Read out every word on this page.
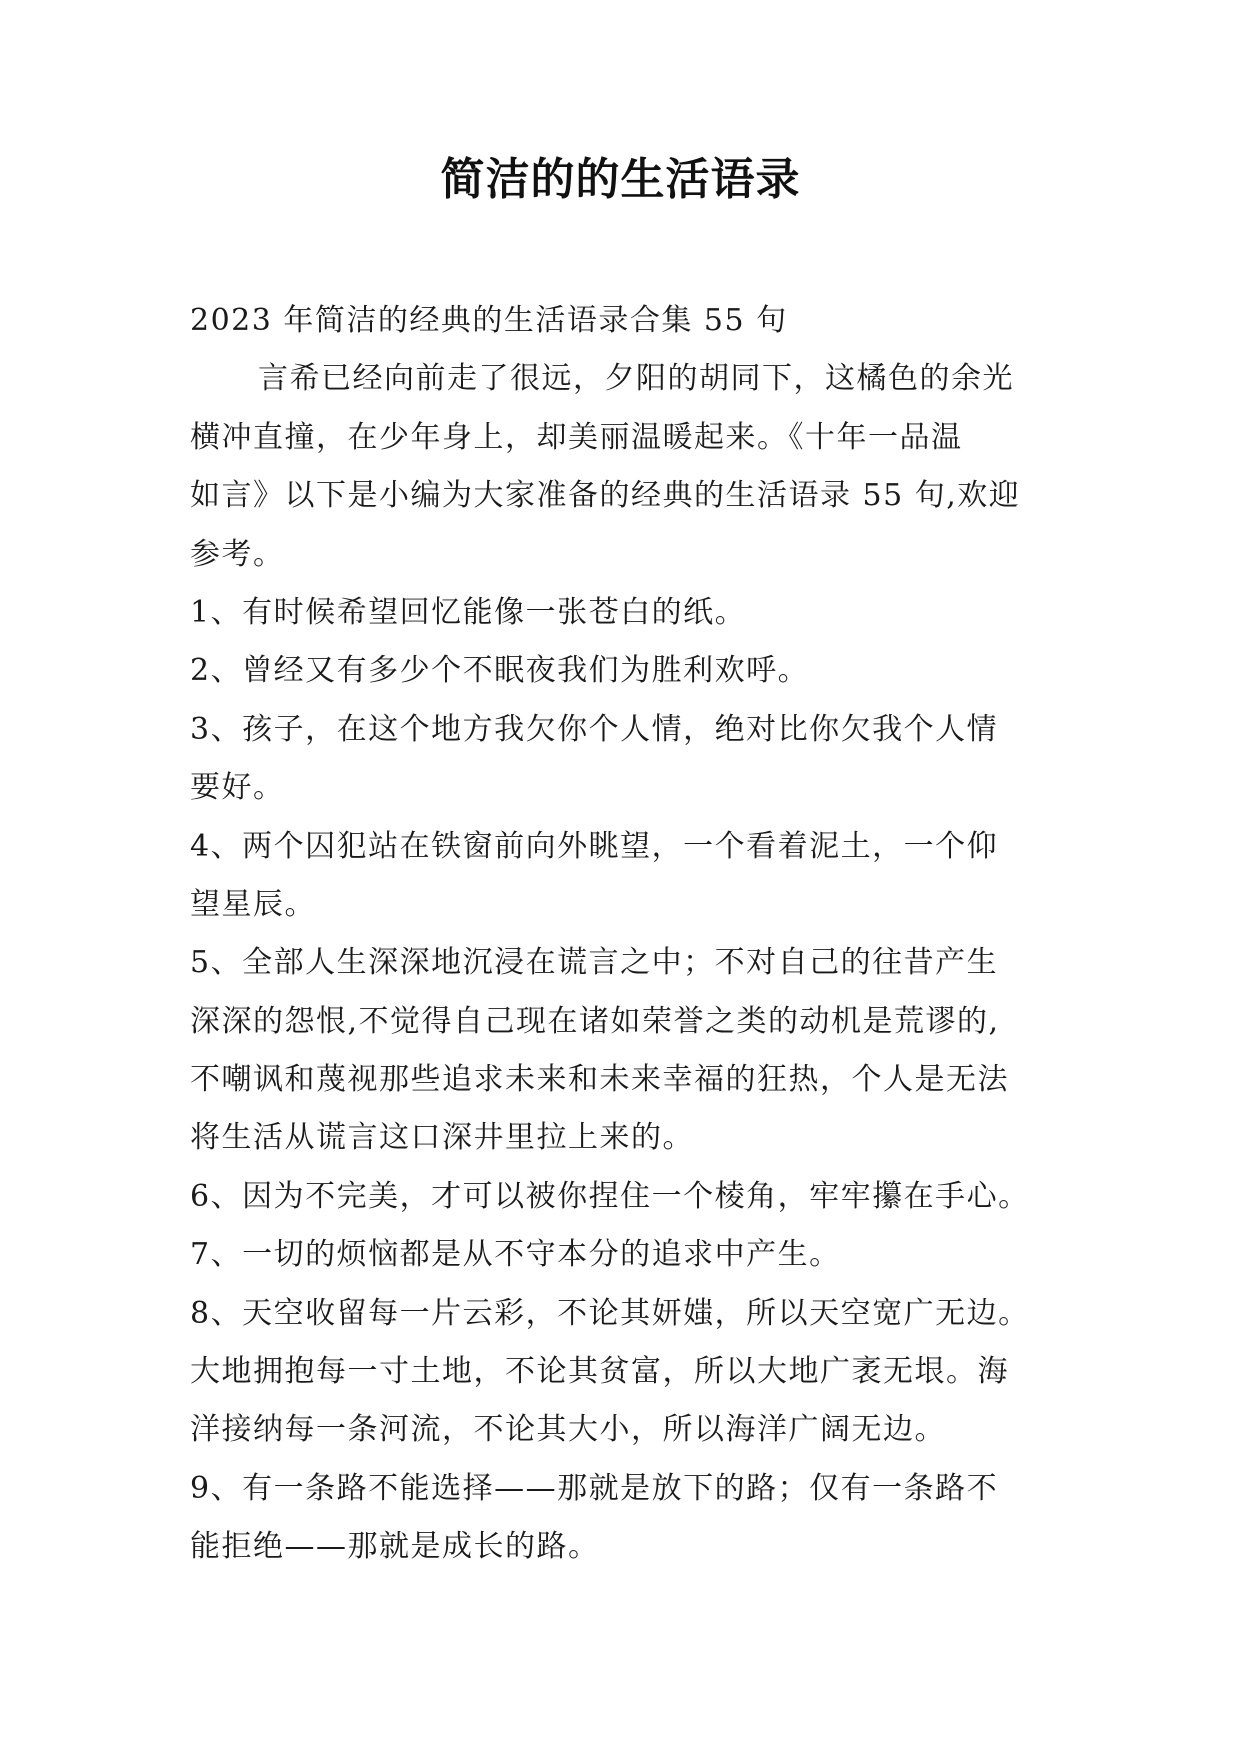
简洁的的生活语录
2023 年简洁的经典的生活语录合集 55 句
言希已经向前走了很远，夕阳的胡同下，这橘色的余光
横冲直撞，在少年身上，却美丽温暖起来。《十年一品温
如言》以下是小编为大家准备的经典的生活语录 55 句,欢迎
参考。
1、有时候希望回忆能像一张苍白的纸。
2、曾经又有多少个不眠夜我们为胜利欢呼。
3、孩子，在这个地方我欠你个人情，绝对比你欠我个人情
要好。
4、两个囚犯站在铁窗前向外眺望，一个看着泥土，一个仰
望星辰。
5、全部人生深深地沉浸在谎言之中；不对自己的往昔产生
深深的怨恨,不觉得自己现在诸如荣誉之类的动机是荒谬的,
不嘲讽和蔑视那些追求未来和未来幸福的狂热，个人是无法
将生活从谎言这口深井里拉上来的。
6、因为不完美，才可以被你捏住一个棱角，牢牢攥在手心。
7、一切的烦恼都是从不守本分的追求中产生。
8、天空收留每一片云彩，不论其妍媸，所以天空宽广无边。
大地拥抱每一寸土地，不论其贫富，所以大地广袤无垠。海
洋接纳每一条河流，不论其大小，所以海洋广阔无边。
9、有一条路不能选择——那就是放下的路；仅有一条路不
能拒绝——那就是成长的路。
